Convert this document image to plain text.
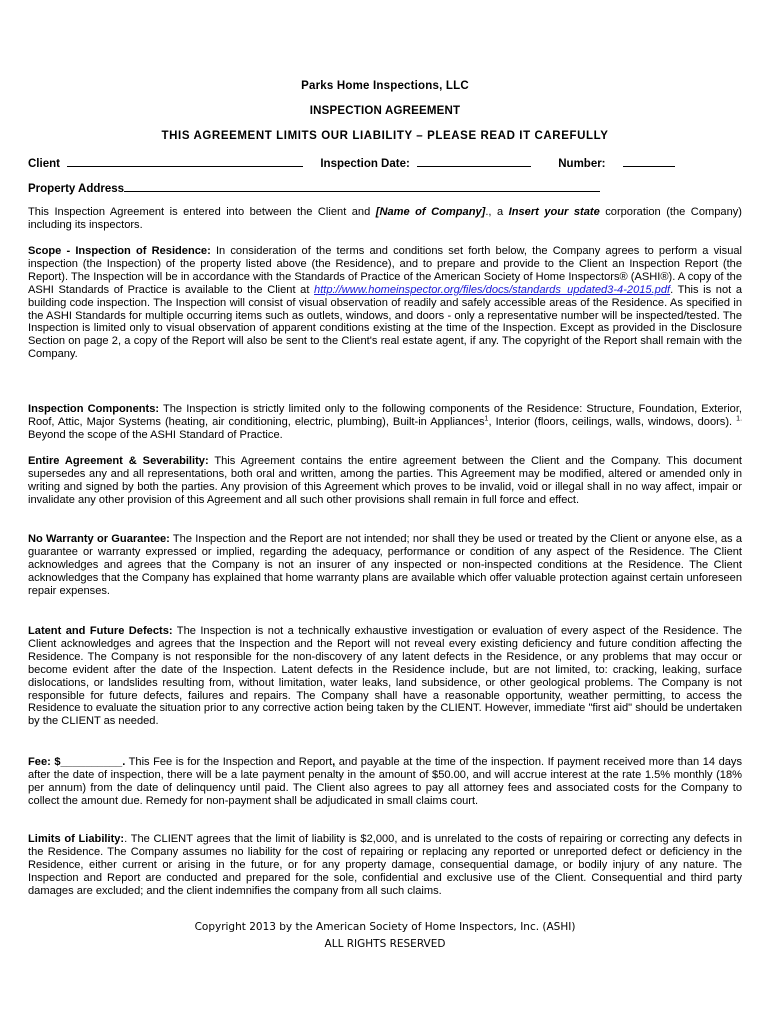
Parks Home Inspections, LLC
INSPECTION AGREEMENT
THIS AGREEMENT LIMITS OUR LIABILITY – PLEASE READ IT CAREFULLY
Client	Inspection Date:	Number:
Property Address
This Inspection Agreement is entered into between the Client and [Name of Company]., a Insert your state corporation (the Company) including its inspectors.
Scope - Inspection of Residence: In consideration of the terms and conditions set forth below, the Company agrees to perform a visual inspection (the Inspection) of the property listed above (the Residence), and to prepare and provide to the Client an Inspection Report (the Report). The Inspection will be in accordance with the Standards of Practice of the American Society of Home Inspectors® (ASHI®). A copy of the ASHI Standards of Practice is available to the Client at http://www.homeinspector.org/files/docs/standards_updated3-4-2015.pdf. This is not a building code inspection. The Inspection will consist of visual observation of readily and safely accessible areas of the Residence. As specified in the ASHI Standards for multiple occurring items such as outlets, windows, and doors - only a representative number will be inspected/tested. The Inspection is limited only to visual observation of apparent conditions existing at the time of the Inspection. Except as provided in the Disclosure Section on page 2, a copy of the Report will also be sent to the Client's real estate agent, if any. The copyright of the Report shall remain with the Company.
Inspection Components: The Inspection is strictly limited only to the following components of the Residence: Structure, Foundation, Exterior, Roof, Attic, Major Systems (heating, air conditioning, electric, plumbing), Built-in Appliances$^1$, Interior (floors, ceilings, walls, windows, doors). $^{1.}$ Beyond the scope of the ASHI Standard of Practice.
Entire Agreement & Severability: This Agreement contains the entire agreement between the Client and the Company. This document supersedes any and all representations, both oral and written, among the parties. This Agreement may be modified, altered or amended only in writing and signed by both the parties. Any provision of this Agreement which proves to be invalid, void or illegal shall in no way affect, impair or invalidate any other provision of this Agreement and all such other provisions shall remain in full force and effect.
No Warranty or Guarantee: The Inspection and the Report are not intended; nor shall they be used or treated by the Client or anyone else, as a guarantee or warranty expressed or implied, regarding the adequacy, performance or condition of any aspect of the Residence. The Client acknowledges and agrees that the Company is not an insurer of any inspected or non-inspected conditions at the Residence. The Client acknowledges that the Company has explained that home warranty plans are available which offer valuable protection against certain unforeseen repair expenses.
Latent and Future Defects: The Inspection is not a technically exhaustive investigation or evaluation of every aspect of the Residence. The Client acknowledges and agrees that the Inspection and the Report will not reveal every existing deficiency and future condition affecting the Residence. The Company is not responsible for the non-discovery of any latent defects in the Residence, or any problems that may occur or become evident after the date of the Inspection. Latent defects in the Residence include, but are not limited, to: cracking, leaking, surface dislocations, or landslides resulting from, without limitation, water leaks, land subsidence, or other geological problems. The Company is not responsible for future defects, failures and repairs. The Company shall have a reasonable opportunity, weather permitting, to access the Residence to evaluate the situation prior to any corrective action being taken by the CLIENT. However, immediate "first aid" should be undertaken by the CLIENT as needed.
Fee: $__________. This Fee is for the Inspection and Report, and payable at the time of the inspection. If payment received more than 14 days after the date of inspection, there will be a late payment penalty in the amount of $50.00, and will accrue interest at the rate 1.5% monthly (18% per annum) from the date of delinquency until paid. The Client also agrees to pay all attorney fees and associated costs for the Company to collect the amount due. Remedy for non-payment shall be adjudicated in small claims court.
Limits of Liability:. The CLIENT agrees that the limit of liability is $2,000, and is unrelated to the costs of repairing or correcting any defects in the Residence. The Company assumes no liability for the cost of repairing or replacing any reported or unreported defect or deficiency in the Residence, either current or arising in the future, or for any property damage, consequential damage, or bodily injury of any nature. The Inspection and Report are conducted and prepared for the sole, confidential and exclusive use of the Client. Consequential and third party damages are excluded; and the client indemnifies the company from all such claims.
Copyright 2013 by the American Society of Home Inspectors, Inc. (ASHI)
ALL RIGHTS RESERVED
